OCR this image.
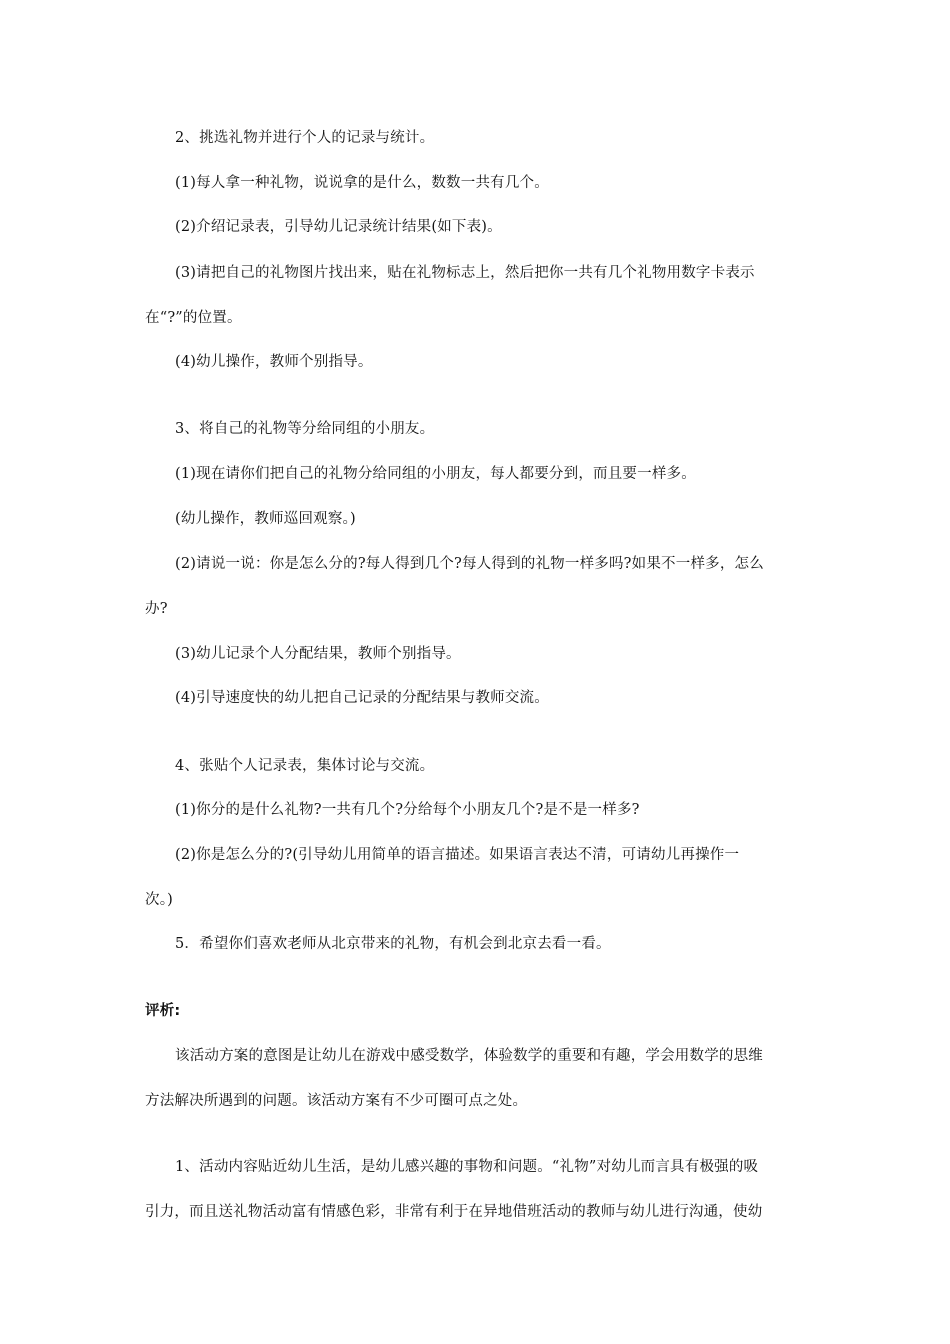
2、挑选礼物并进行个人的记录与统计。
(1)每人拿一种礼物，说说拿的是什么，数数一共有几个。
(2)介绍记录表，引导幼儿记录统计结果(如下表)。
(3)请把自己的礼物图片找出来，贴在礼物标志上，然后把你一共有几个礼物用数字卡表示
在“?”的位置。
(4)幼儿操作，教师个别指导。
3、将自己的礼物等分给同组的小朋友。
(1)现在请你们把自己的礼物分给同组的小朋友，每人都要分到，而且要一样多。
(幼儿操作，教师巡回观察。)
(2)请说一说：你是怎么分的?每人得到几个?每人得到的礼物一样多吗?如果不一样多，怎么
办?
(3)幼儿记录个人分配结果，教师个别指导。
(4)引导速度快的幼儿把自己记录的分配结果与教师交流。
4、张贴个人记录表，集体讨论与交流。
(1)你分的是什么礼物?一共有几个?分给每个小朋友几个?是不是一样多?
(2)你是怎么分的?(引导幼儿用简单的语言描述。如果语言表达不清，可请幼儿再操作一
次。)
5．希望你们喜欢老师从北京带来的礼物，有机会到北京去看一看。
评析:
该活动方案的意图是让幼儿在游戏中感受数学，体验数学的重要和有趣，学会用数学的思维
方法解决所遇到的问题。该活动方案有不少可圈可点之处。
1、活动内容贴近幼儿生活，是幼儿感兴趣的事物和问题。“礼物”对幼儿而言具有极强的吸
引力，而且送礼物活动富有情感色彩，非常有利于在异地借班活动的教师与幼儿进行沟通，使幼
